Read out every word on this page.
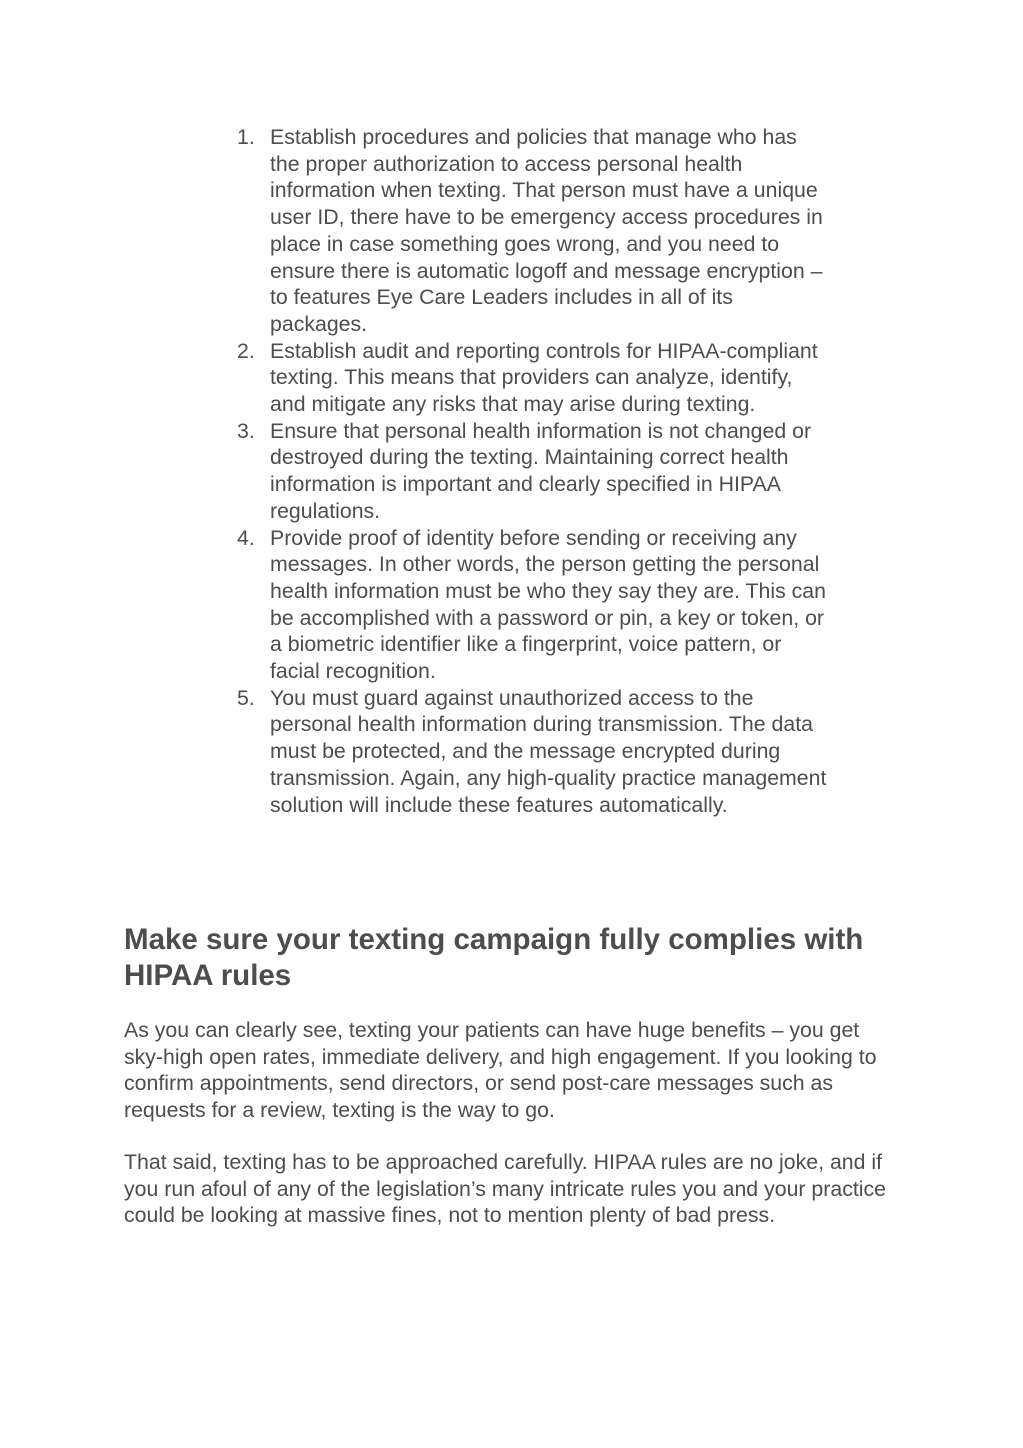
1. Establish procedures and policies that manage who has the proper authorization to access personal health information when texting. That person must have a unique user ID, there have to be emergency access procedures in place in case something goes wrong, and you need to ensure there is automatic logoff and message encryption – to features Eye Care Leaders includes in all of its packages.
2. Establish audit and reporting controls for HIPAA-compliant texting. This means that providers can analyze, identify, and mitigate any risks that may arise during texting.
3. Ensure that personal health information is not changed or destroyed during the texting. Maintaining correct health information is important and clearly specified in HIPAA regulations.
4. Provide proof of identity before sending or receiving any messages. In other words, the person getting the personal health information must be who they say they are. This can be accomplished with a password or pin, a key or token, or a biometric identifier like a fingerprint, voice pattern, or facial recognition.
5. You must guard against unauthorized access to the personal health information during transmission. The data must be protected, and the message encrypted during transmission. Again, any high-quality practice management solution will include these features automatically.
Make sure your texting campaign fully complies with HIPAA rules

As you can clearly see, texting your patients can have huge benefits – you get sky-high open rates, immediate delivery, and high engagement. If you looking to confirm appointments, send directors, or send post-care messages such as requests for a review, texting is the way to go.

That said, texting has to be approached carefully. HIPAA rules are no joke, and if you run afoul of any of the legislation’s many intricate rules you and your practice could be looking at massive fines, not to mention plenty of bad press.
